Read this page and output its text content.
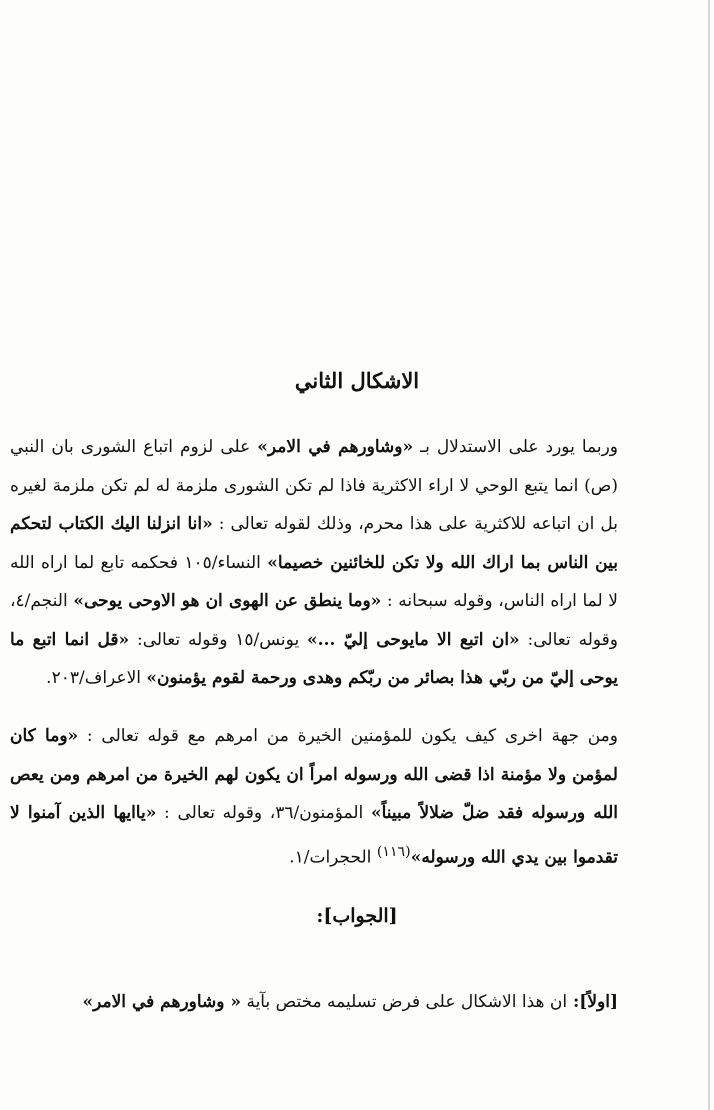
الاشكال الثاني
وربما يورد على الاستدلال بـ «وشاورهم في الامر» على لزوم اتباع الشورى بان النبي (ص) انما يتبع الوحي لا اراء الاكثرية فاذا لم تكن الشورى ملزمة له لم تكن ملزمة لغيره بل ان اتباعه للاكثرية على هذا محرم، وذلك لقوله تعالى : «انا انزلنا اليك الكتاب لتحكم بين الناس بما اراك الله ولا تكن للخائنين خصيما» النساء/١٠٥ فحكمه تابع لما اراه الله لا لما اراه الناس، وقوله سبحانه : «وما ينطق عن الهوى ان هو الاوحى يوحى» النجم/٤، وقوله تعالى: «ان اتبع الا مايوحى إليّ ...» يونس/١٥ وقوله تعالى: «قل انما اتبع ما يوحى إليّ من ربّي هذا بصائر من ربّكم وهدى ورحمة لقوم يؤمنون» الاعراف/٢٠٣.
ومن جهة اخرى كيف يكون للمؤمنين الخيرة من امرهم مع قوله تعالى : «وما كان لمؤمن ولا مؤمنة اذا قضى الله ورسوله امراً ان يكون لهم الخيرة من امرهم ومن يعص الله ورسوله فقد ضلّ ضلالاً مبيناً» المؤمنون/٣٦، وقوله تعالى : «ياايها الذين آمنوا لا تقدموا بين يدي الله ورسوله»$^{(١١٦)}$ الحجرات/١.
[الجواب]:
[اولاً]: ان هذا الاشكال على فرض تسليمه مختص بآية « وشاورهم في الامر»
